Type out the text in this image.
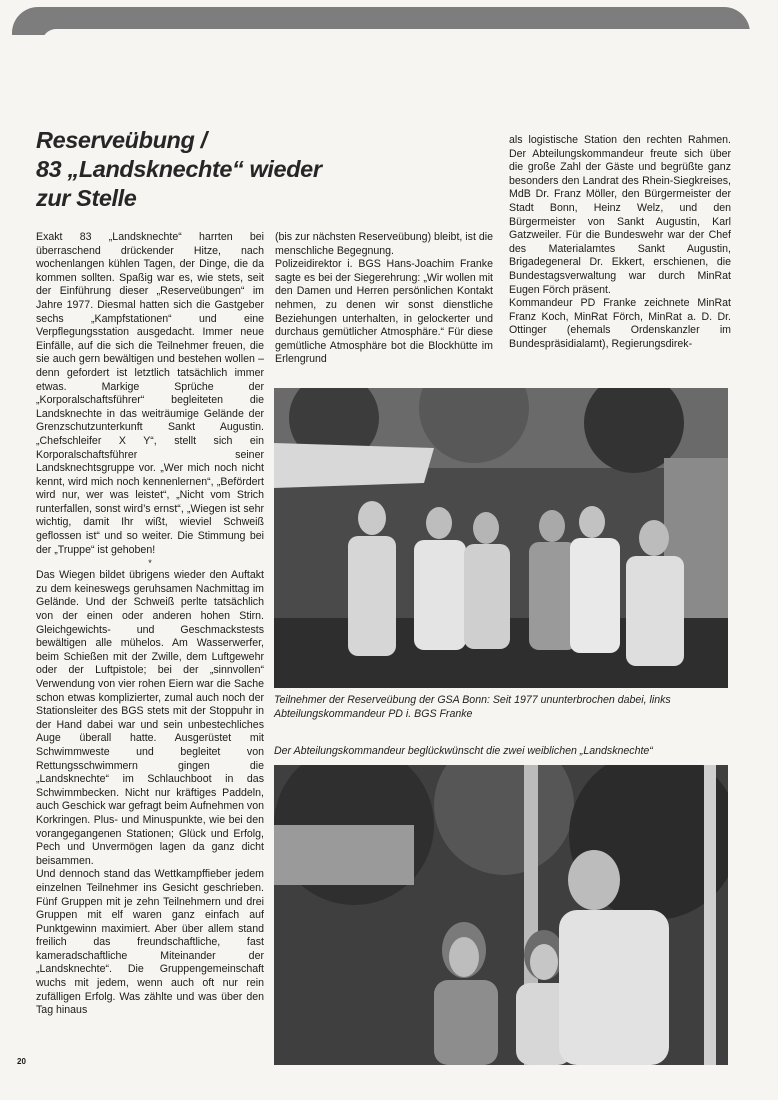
Reserveübung /
83 „Landsknechte“ wieder
zur Stelle

Exakt 83 „Landsknechte“ harrten bei überraschend drückender Hitze, nach wochenlangen kühlen Tagen, der Dinge, die da kommen sollten. Spaßig war es, wie stets, seit der Einführung dieser „Reserveübungen“ im Jahre 1977. Diesmal hatten sich die Gastgeber sechs „Kampfstationen“ und eine Verpflegungsstation ausgedacht. Immer neue Einfälle, auf die sich die Teilnehmer freuen, die sie auch gern bewältigen und bestehen wollen – denn gefordert ist letztlich tatsächlich immer etwas. Markige Sprüche der „Korporalschaftsführer“ begleiteten die Landsknechte in das weiträumige Gelände der Grenzschutzunterkunft Sankt Augustin. „Chefschleifer X Y“, stellt sich ein Korporalschaftsführer seiner Landsknechtsgruppe vor. „Wer mich noch nicht kennt, wird mich noch kennenlernen“, „Befördert wird nur, wer was leistet“, „Nicht vom Strich runterfallen, sonst wird’s ernst“, „Wiegen ist sehr wichtig, damit Ihr wißt, wieviel Schweiß geflossen ist“ und so weiter. Die Stimmung bei der „Truppe“ ist gehoben!

*

Das Wiegen bildet übrigens wieder den Auftakt zu dem keineswegs geruhsamen Nachmittag im Gelände. Und der Schweiß perlte tatsächlich von der einen oder anderen hohen Stirn. Gleichgewichts- und Geschmackstests bewältigen alle mühelos. Am Wasserwerfer, beim Schießen mit der Zwille, dem Luftgewehr oder der Luftpistole; bei der „sinnvollen“ Verwendung von vier rohen Eiern war die Sache schon etwas komplizierter, zumal auch noch der Stationsleiter des BGS stets mit der Stoppuhr in der Hand dabei war und sein unbestechliches Auge überall hatte. Ausgerüstet mit Schwimmweste und begleitet von Rettungsschwimmern gingen die „Landsknechte“ im Schlauchboot in das Schwimmbecken. Nicht nur kräftiges Paddeln, auch Geschick war gefragt beim Aufnehmen von Korkringen. Plus- und Minuspunkte, wie bei den vorangegangenen Stationen; Glück und Erfolg, Pech und Unvermögen lagen da ganz dicht beisammen.

Und dennoch stand das Wettkampffieber jedem einzelnen Teilnehmer ins Gesicht geschrieben. Fünf Gruppen mit je zehn Teilnehmern und drei Gruppen mit elf waren ganz einfach auf Punktgewinn maximiert. Aber über allem stand freilich das freundschaftliche, fast kameradschaftliche Miteinander der „Landsknechte“. Die Gruppengemeinschaft wuchs mit jedem, wenn auch oft nur rein zufälligen Erfolg. Was zählte und was über den Tag hinaus

(bis zur nächsten Reserveübung) bleibt, ist die menschliche Begegnung.

Polizeidirektor i. BGS Hans-Joachim Franke sagte es bei der Siegerehrung: „Wir wollen mit den Damen und Herren persönlichen Kontakt nehmen, zu denen wir sonst dienstliche Beziehungen unterhalten, in gelockerter und durchaus gemütlicher Atmosphäre.“ Für diese gemütliche Atmosphäre bot die Blockhütte im Erlengrund

als logistische Station den rechten Rahmen. Der Abteilungskommandeur freute sich über die große Zahl der Gäste und begrüßte ganz besonders den Landrat des Rhein-Siegkreises, MdB Dr. Franz Möller, den Bürgermeister der Stadt Bonn, Heinz Welz, und den Bürgermeister von Sankt Augustin, Karl Gatzweiler. Für die Bundeswehr war der Chef des Materialamtes Sankt Augustin, Brigadegeneral Dr. Ekkert, erschienen, die Bundestagsverwaltung war durch MinRat Eugen Förch präsent.

Kommandeur PD Franke zeichnete MinRat Franz Koch, MinRat Förch, MinRat a. D. Dr. Ottinger (ehemals Ordenskanzler im Bundespräsidialamt), Regierungsdirek-

Teilnehmer der Reserveübung der GSA Bonn: Seit 1977 ununterbrochen dabei, links Abteilungskommandeur PD i. BGS Franke
Der Abteilungskommandeur beglückwünscht die zwei weiblichen „Landsknechte“
20
